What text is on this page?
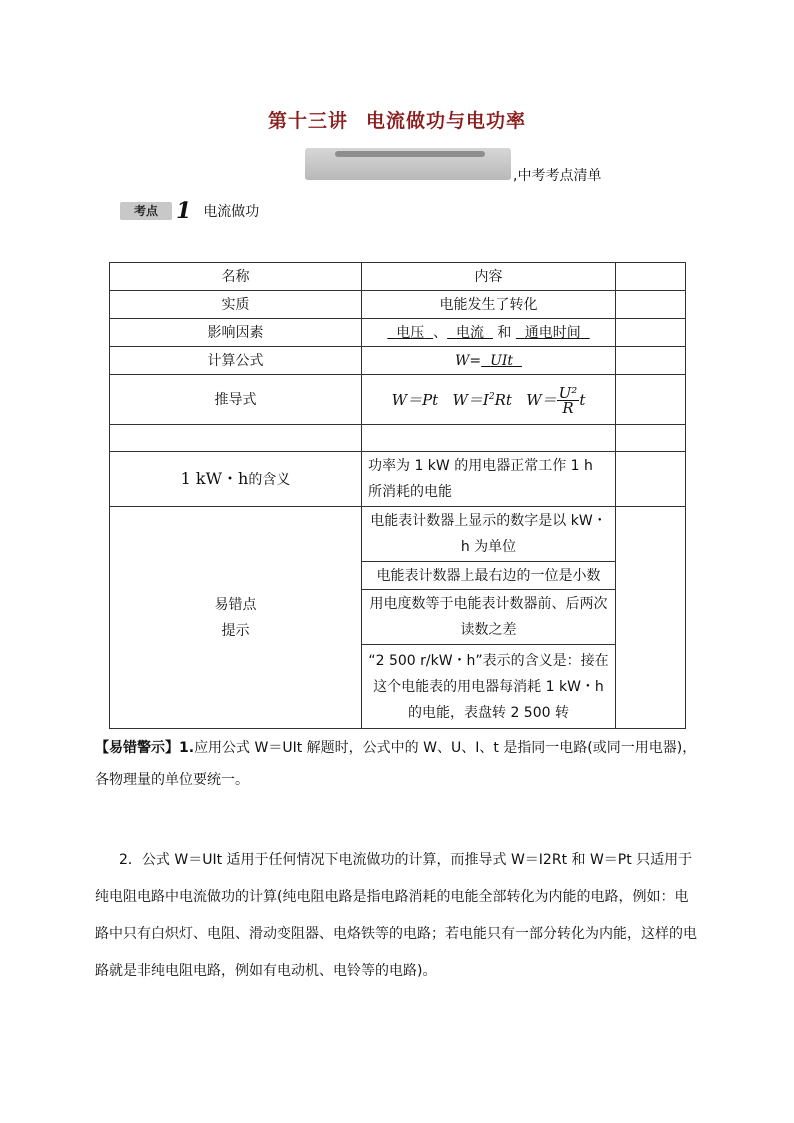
第十三讲 电流做功与电功率
,中考考点清单
考点 1 电流做功
名称	内容	
实质	电能发生了转化	
影响因素	电压 、 电流 和 通电时间	
计算公式	W= UIt	
推导式	W＝Pt $W=I^2Rt$ $W= \frac{\text{U²}}{R}$ t	

1 kW・h的含义	功率为 1 kW 的用电器正常工作 1 h 所消耗的电能	

易错点
提示	电能表计数器上显示的数字是以 kW・h 为单位	
	电能表计数器上最右边的一位是小数	
	用电度数等于电能表计数器前、后两次读数之差	
	“2 500 r/kW・h”表示的含义是：接在这个电能表的用电器每消耗 1 kW・h 的电能，表盘转 2 500 转	
【易错警示】1.应用公式 W＝UIt 解题时，公式中的 W、U、I、t 是指同一电路(或同一用电器)，各物理量的单位要统一。
2．公式 W＝UIt 适用于任何情况下电流做功的计算，而推导式 W＝I2Rt 和 W＝Pt 只适用于纯电阻电路中电流做功的计算(纯电阻电路是指电路消耗的电能全部转化为内能的电路，例如：电路中只有白炽灯、电阻、滑动变阻器、电烙铁等的电路；若电能只有一部分转化为内能，这样的电路就是非纯电阻电路，例如有电动机、电铃等的电路)。
